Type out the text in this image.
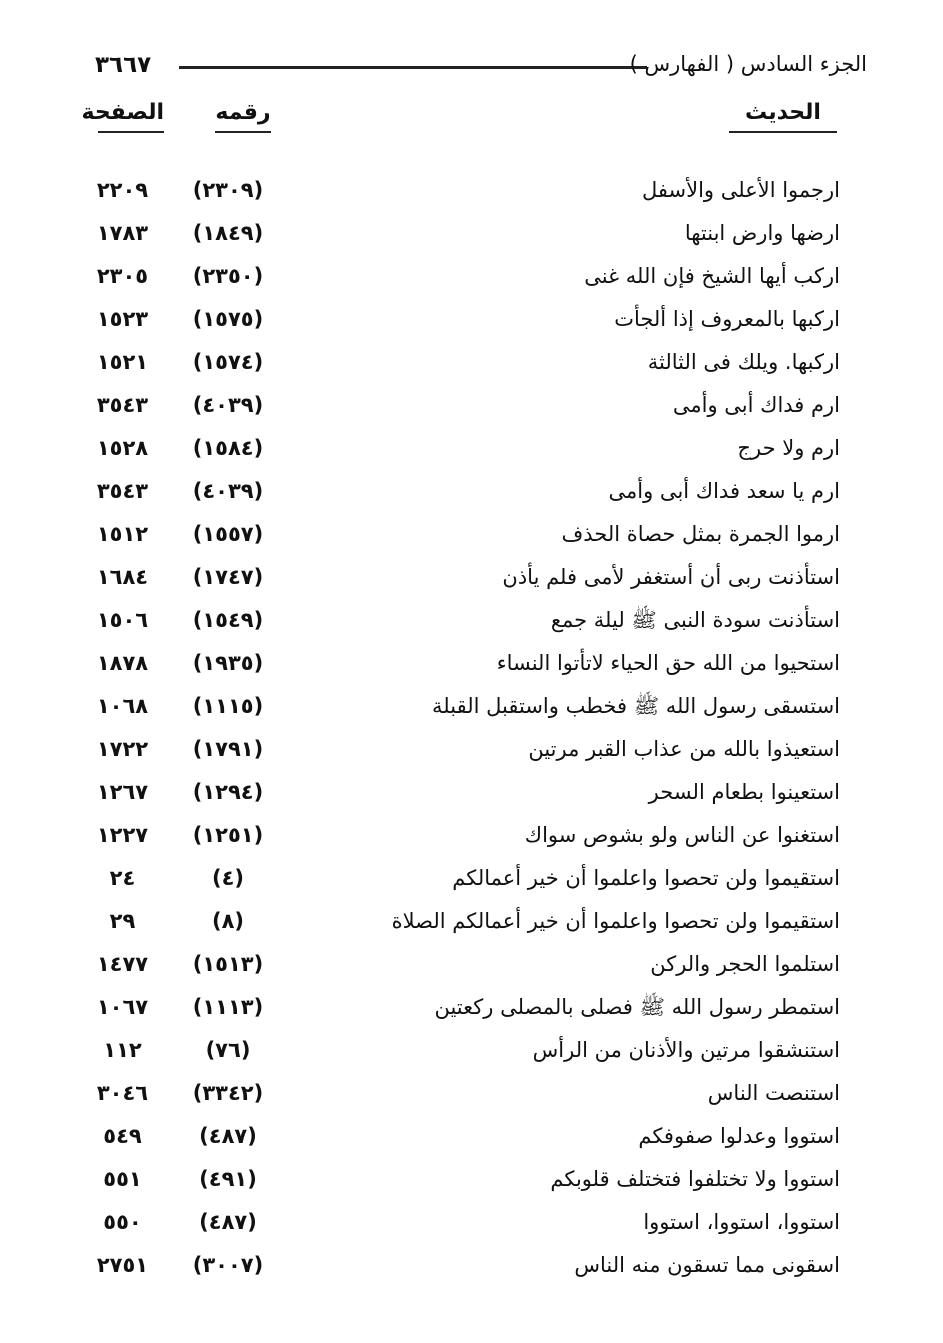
٣٦٦٧	الجزء السادس ( الفهارس )
الصفحة رقمه	الحديث
٢٢٠٩	(٢٣٠٩)	ارجموا الأعلى والأسفل
١٧٨٣	(١٨٤٩)	ارضها وارض ابنتها
٢٣٠٥	(٢٣٥٠)	اركب أيها الشيخ فإن الله غنى
١٥٢٣	(١٥٧٥)	اركبها بالمعروف إذا ألجأت
١٥٢١	(١٥٧٤)	اركبها. ويلك فى الثالثة
٣٥٤٣	(٤٠٣٩)	ارم فداك أبى وأمى
١٥٢٨	(١٥٨٤)	ارم ولا حرج
٣٥٤٣	(٤٠٣٩)	ارم يا سعد فداك أبى وأمى
١٥١٢	(١٥٥٧)	ارموا الجمرة بمثل حصاة الحذف
١٦٨٤	(١٧٤٧)	استأذنت ربى أن أستغفر لأمى فلم يأذن
١٥٠٦	(١٥٤٩)	استأذنت سودة النبى ﷺ ليلة جمع
١٨٧٨	(١٩٣٥)	استحيوا من الله حق الحياء لاتأتوا النساء
١٠٦٨	(١١١٥)	استسقى رسول الله ﷺ فخطب واستقبل القبلة
١٧٢٢	(١٧٩١)	استعيذوا بالله من عذاب القبر مرتين
١٢٦٧	(١٢٩٤)	استعينوا بطعام السحر
١٢٢٧	(١٢٥١)	استغنوا عن الناس ولو بشوص سواك
٢٤	(٤)	استقيموا ولن تحصوا واعلموا أن خير أعمالكم
٢٩	(٨)	استقيموا ولن تحصوا واعلموا أن خير أعمالكم الصلاة
١٤٧٧	(١٥١٣)	استلموا الحجر والركن
١٠٦٧	(١١١٣)	استمطر رسول الله ﷺ فصلى بالمصلى ركعتين
١١٢	(٧٦)	استنشقوا مرتين والأذنان من الرأس
٣٠٤٦	(٣٣٤٢)	استنصت الناس
٥٤٩	(٤٨٧)	استووا وعدلوا صفوفكم
٥٥١	(٤٩١)	استووا ولا تختلفوا فتختلف قلوبكم
٥٥٠	(٤٨٧)	استووا، استووا، استووا
٢٧٥١	(٣٠٠٧)	اسقونى مما تسقون منه الناس
